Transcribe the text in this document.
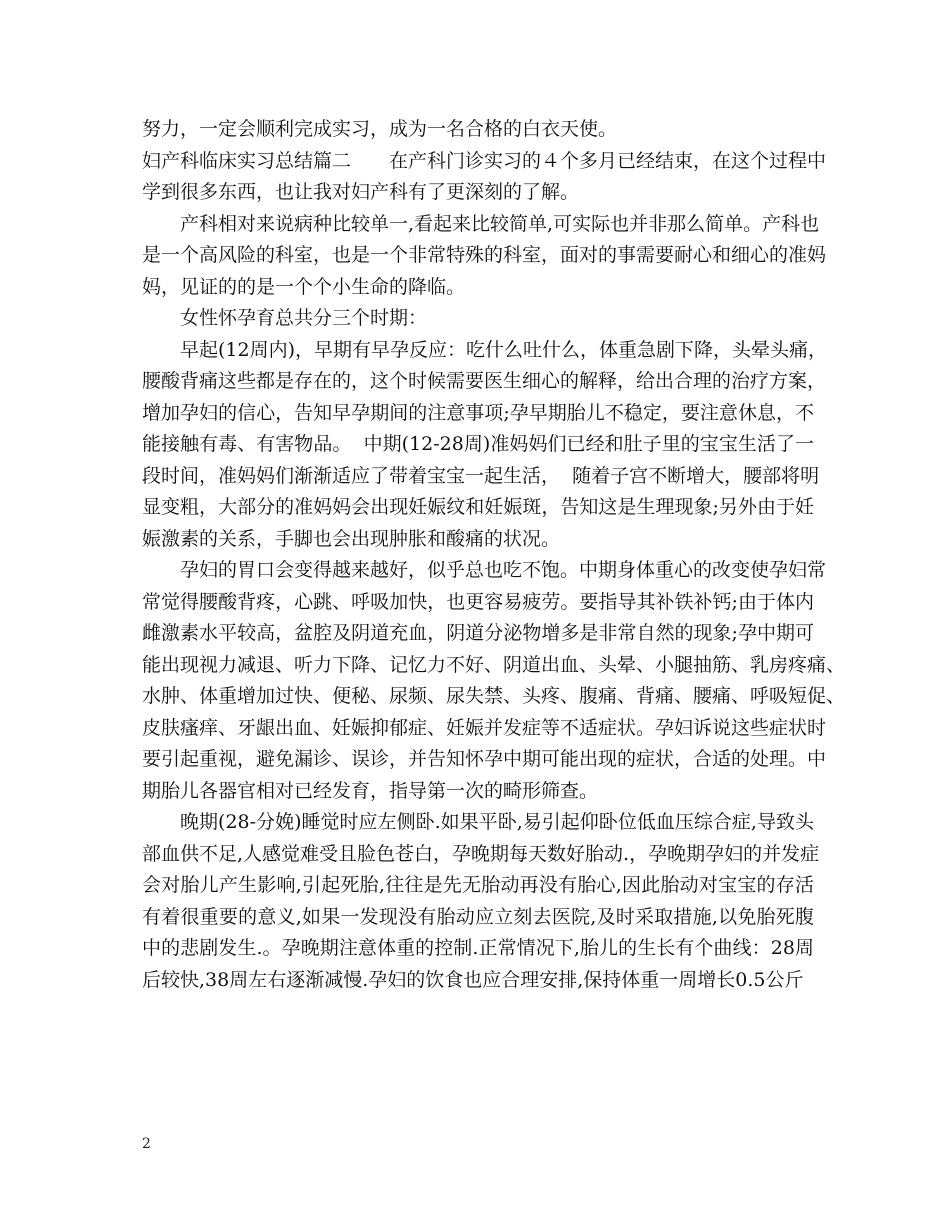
努力，一定会顺利完成实习，成为一名合格的白衣天使。
妇产科临床实习总结篇二　　在产科门诊实习的４个多月已经结束，在这个过程中
学到很多东西，也让我对妇产科有了更深刻的了解。
产科相对来说病种比较单一,看起来比较简单,可实际也并非那么简单。产科也
是一个高风险的科室，也是一个非常特殊的科室，面对的事需要耐心和细心的准妈
妈，见证的的是一个个小生命的降临。
女性怀孕育总共分三个时期：
早起(12周内)，早期有早孕反应：吃什么吐什么，体重急剧下降，头晕头痛，
腰酸背痛这些都是存在的，这个时候需要医生细心的解释，给出合理的治疗方案，
增加孕妇的信心，告知早孕期间的注意事项;孕早期胎儿不稳定，要注意休息，不
能接触有毒、有害物品。  中期(12-28周)准妈妈们已经和肚子里的宝宝生活了一
段时间，准妈妈们渐渐适应了带着宝宝一起生活，  随着子宫不断增大，腰部将明
显变粗，大部分的准妈妈会出现妊娠纹和妊娠斑，告知这是生理现象;另外由于妊
娠激素的关系，手脚也会出现肿胀和酸痛的状况。
孕妇的胃口会变得越来越好，似乎总也吃不饱。中期身体重心的改变使孕妇常
常觉得腰酸背疼，心跳、呼吸加快，也更容易疲劳。要指导其补铁补钙;由于体内
雌激素水平较高，盆腔及阴道充血，阴道分泌物增多是非常自然的现象;孕中期可
能出现视力减退、听力下降、记忆力不好、阴道出血、头晕、小腿抽筋、乳房疼痛、
水肿、体重增加过快、便秘、尿频、尿失禁、头疼、腹痛、背痛、腰痛、呼吸短促、
皮肤瘙痒、牙龈出血、妊娠抑郁症、妊娠并发症等不适症状。孕妇诉说这些症状时
要引起重视，避免漏诊、误诊，并告知怀孕中期可能出现的症状，合适的处理。中
期胎儿各器官相对已经发育，指导第一次的畸形筛查。
晚期(28-分娩)睡觉时应左侧卧.如果平卧,易引起仰卧位低血压综合症,导致头
部血供不足,人感觉难受且脸色苍白，孕晚期每天数好胎动.，孕晚期孕妇的并发症
会对胎儿产生影响,引起死胎,往往是先无胎动再没有胎心,因此胎动对宝宝的存活
有着很重要的意义,如果一发现没有胎动应立刻去医院,及时采取措施,以免胎死腹
中的悲剧发生.。孕晚期注意体重的控制.正常情况下,胎儿的生长有个曲线：28周
后较快,38周左右逐渐减慢.孕妇的饮食也应合理安排,保持体重一周增长0.5公斤
2
